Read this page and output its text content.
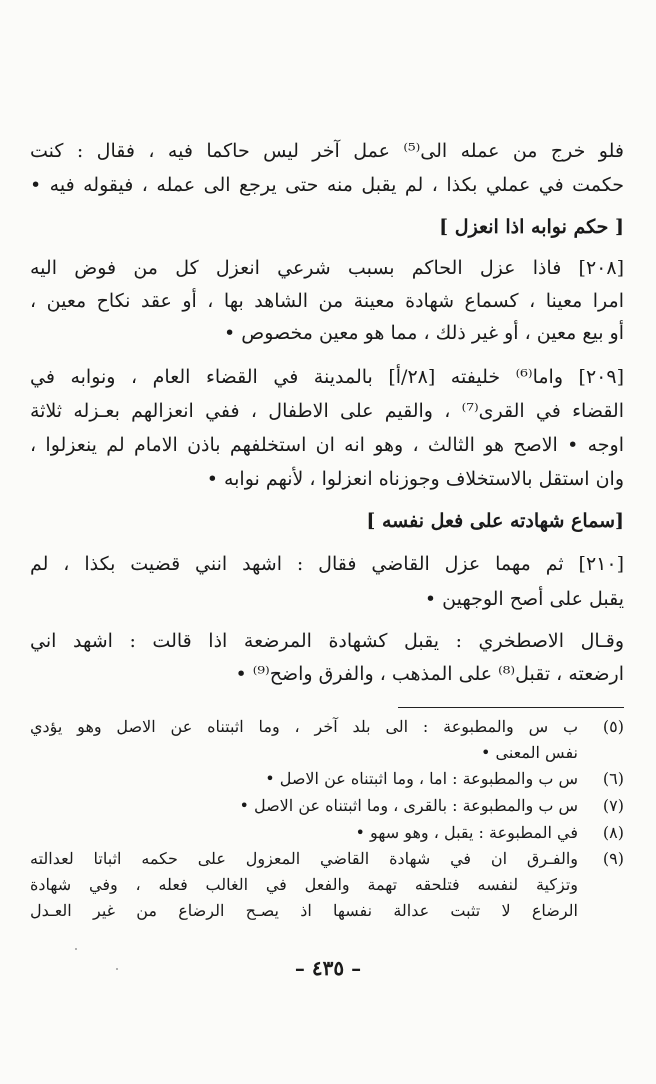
فلو خرج من عمله الى⁽⁵⁾ عمل آخر ليس حاكما فيه ، فقال : كنت
حكمت في عملي بكذا ، لم يقبل منه حتى يرجع الى عمله ، فيقوله فيه •
[ حكم نوابه اذا انعزل ]
[٢٠٨] فاذا عزل الحاكم بسبب شرعي انعزل كل من فوض اليه
امرا معينا ، كسماع شهادة معينة من الشاهد بها ، أو عقد نكاح معين ،
أو بيع معين ، أو غير ذلك ، مما هو معين مخصوص •
[٢٠٩] واما⁽⁶⁾ خليفته [٢٨/أ] بالمدينة في القضاء العام ، ونوابه في
القضاء في القرى⁽⁷⁾ ، والقيم على الاطفال ، ففي انعزالهم بعـزله ثلاثة
اوجه • الاصح هو الثالث ، وهو انه ان استخلفهم باذن الامام لم ينعزلوا ،
وان استقل بالاستخلاف وجوزناه انعزلوا ، لأنهم نوابه •
[سماع شهادته على فعل نفسه ]
[٢١٠] ثم مهما عزل القاضي فقال : اشهد انني قضيت بكذا ، لم
يقبل على أصح الوجهين •
وقـال الاصطخري : يقبل كشهادة المرضعة اذا قالت : اشهد اني
ارضعته ، تقبل⁽⁸⁾ على المذهب ، والفرق واضح⁽⁹⁾ •
(٥)
ب س والمطبوعة : الى بلد آخر ، وما اثبتناه عن الاصل وهو يؤدي
نفس المعنى •
(٦)
س ب والمطبوعة : اما ، وما اثبتناه عن الاصل •
(٧)
س ب والمطبوعة : بالقرى ، وما اثبتناه عن الاصل •
(٨)
في المطبوعة : يقبل ، وهو سهو •
(٩)
والفـرق ان في شهادة القاضي المعزول على حكمه اثباتا لعدالته
وتزكية لنفسه فتلحقه تهمة والفعل في الغالب فعله ، وفي شهادة
الرضاع لا تثبت عدالة نفسها اذ يصـح الرضاع من غير العـدل
– ٤٣٥ –
